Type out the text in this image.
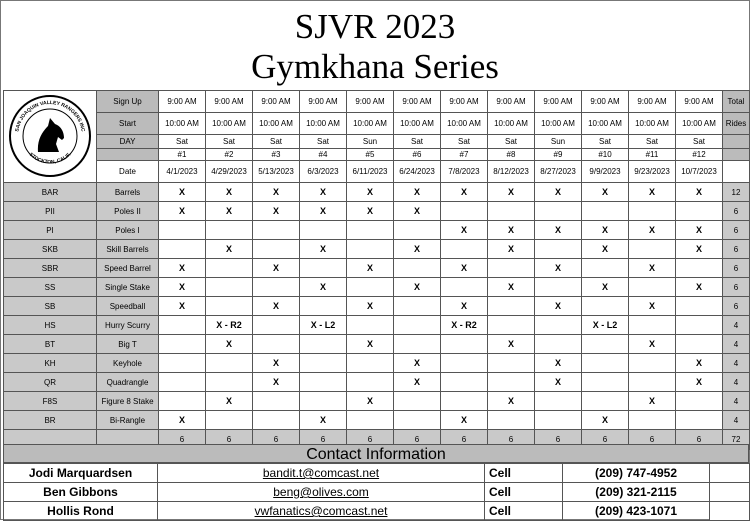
SJVR 2023
Gymkhana Series
SAN JOAQUIN VALLEY RANGERS INC
STOCKTON, CALIF.	Sign Up	9:00 AM	9:00 AM	9:00 AM	9:00 AM	9:00 AM	9:00 AM	9:00 AM	9:00 AM	9:00 AM	9:00 AM	9:00 AM	9:00 AM	Total
	Start	10:00 AM	10:00 AM	10:00 AM	10:00 AM	10:00 AM	10:00 AM	10:00 AM	10:00 AM	10:00 AM	10:00 AM	10:00 AM	10:00 AM	Rides
	DAY	Sat	Sat	Sat	Sat	Sun	Sat	Sat	Sat	Sun	Sat	Sat	Sat	
		#1	#2	#3	#4	#5	#6	#7	#8	#9	#10	#11	#12	
	Date	4/1/2023	4/29/2023	5/13/2023	6/3/2023	6/11/2023	6/24/2023	7/8/2023	8/12/2023	8/27/2023	9/9/2023	9/23/2023	10/7/2023	
BAR	Barrels	X	X	X	X	X	X	X	X	X	X	X	X	12
PII	Poles II	X	X	X	X	X	X							6
PI	Poles I							X	X	X	X	X	X	6
SKB	Skill Barrels		X		X		X		X		X		X	6
SBR	Speed Barrel	X		X		X		X		X		X		6
SS	Single Stake	X			X		X		X		X		X	6
SB	Speedball	X		X		X		X		X		X		6
HS	Hurry Scurry		X - R2		X - L2			X - R2			X - L2			4
BT	Big T		X			X			X			X		4
KH	Keyhole			X			X			X			X	4
QR	Quadrangle			X			X			X			X	4
F8S	Figure 8 Stake		X			X			X			X		4
BR	Bi-Rangle	X			X			X			X			4
		6	6	6	6	6	6	6	6	6	6	6	6	72
Contact Information
Jodi Marquardsen	bandit.t@comcast.net	Cell	(209) 747-4952	
Ben Gibbons	beng@olives.com	Cell	(209) 321-2115	
Hollis Rond	vwfanatics@comcast.net	Cell	(209) 423-1071	
